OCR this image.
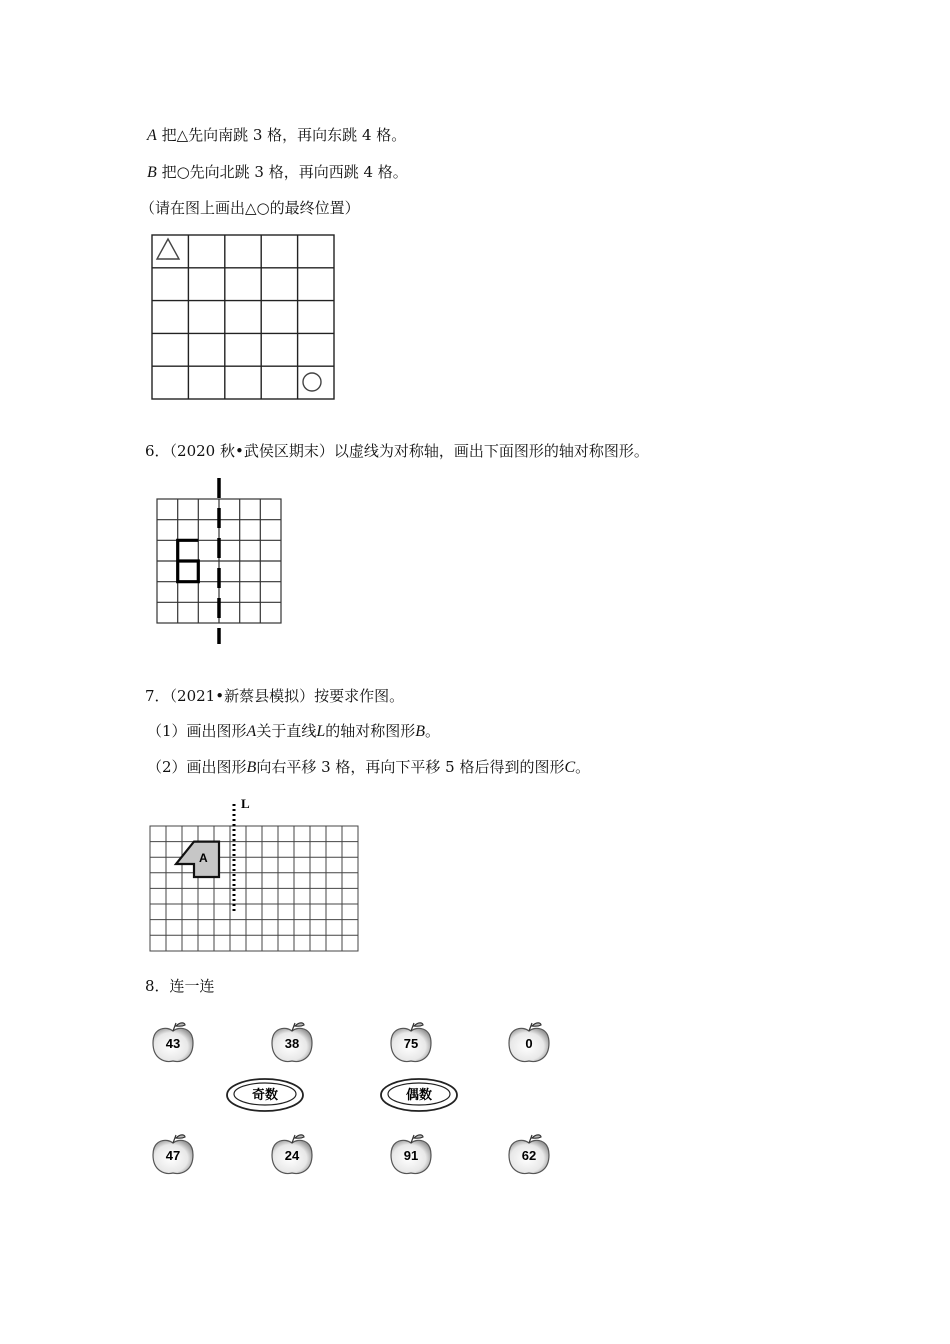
A 把△先向南跳 3 格，再向东跳 4 格。
B 把○先向北跳 3 格，再向西跳 4 格。
（请在图上画出△○的最终位置）
6．（2020 秋•武侯区期末）以虚线为对称轴，画出下面图形的轴对称图形。
7．（2021•新蔡县模拟）按要求作图。
（1）画出图形A关于直线L的轴对称图形B。
（2）画出图形B向右平移 3 格，再向下平移 5 格后得到的图形C。
A
L
8．连一连
43	38	75	0
奇数	偶数
47	24	91	62
